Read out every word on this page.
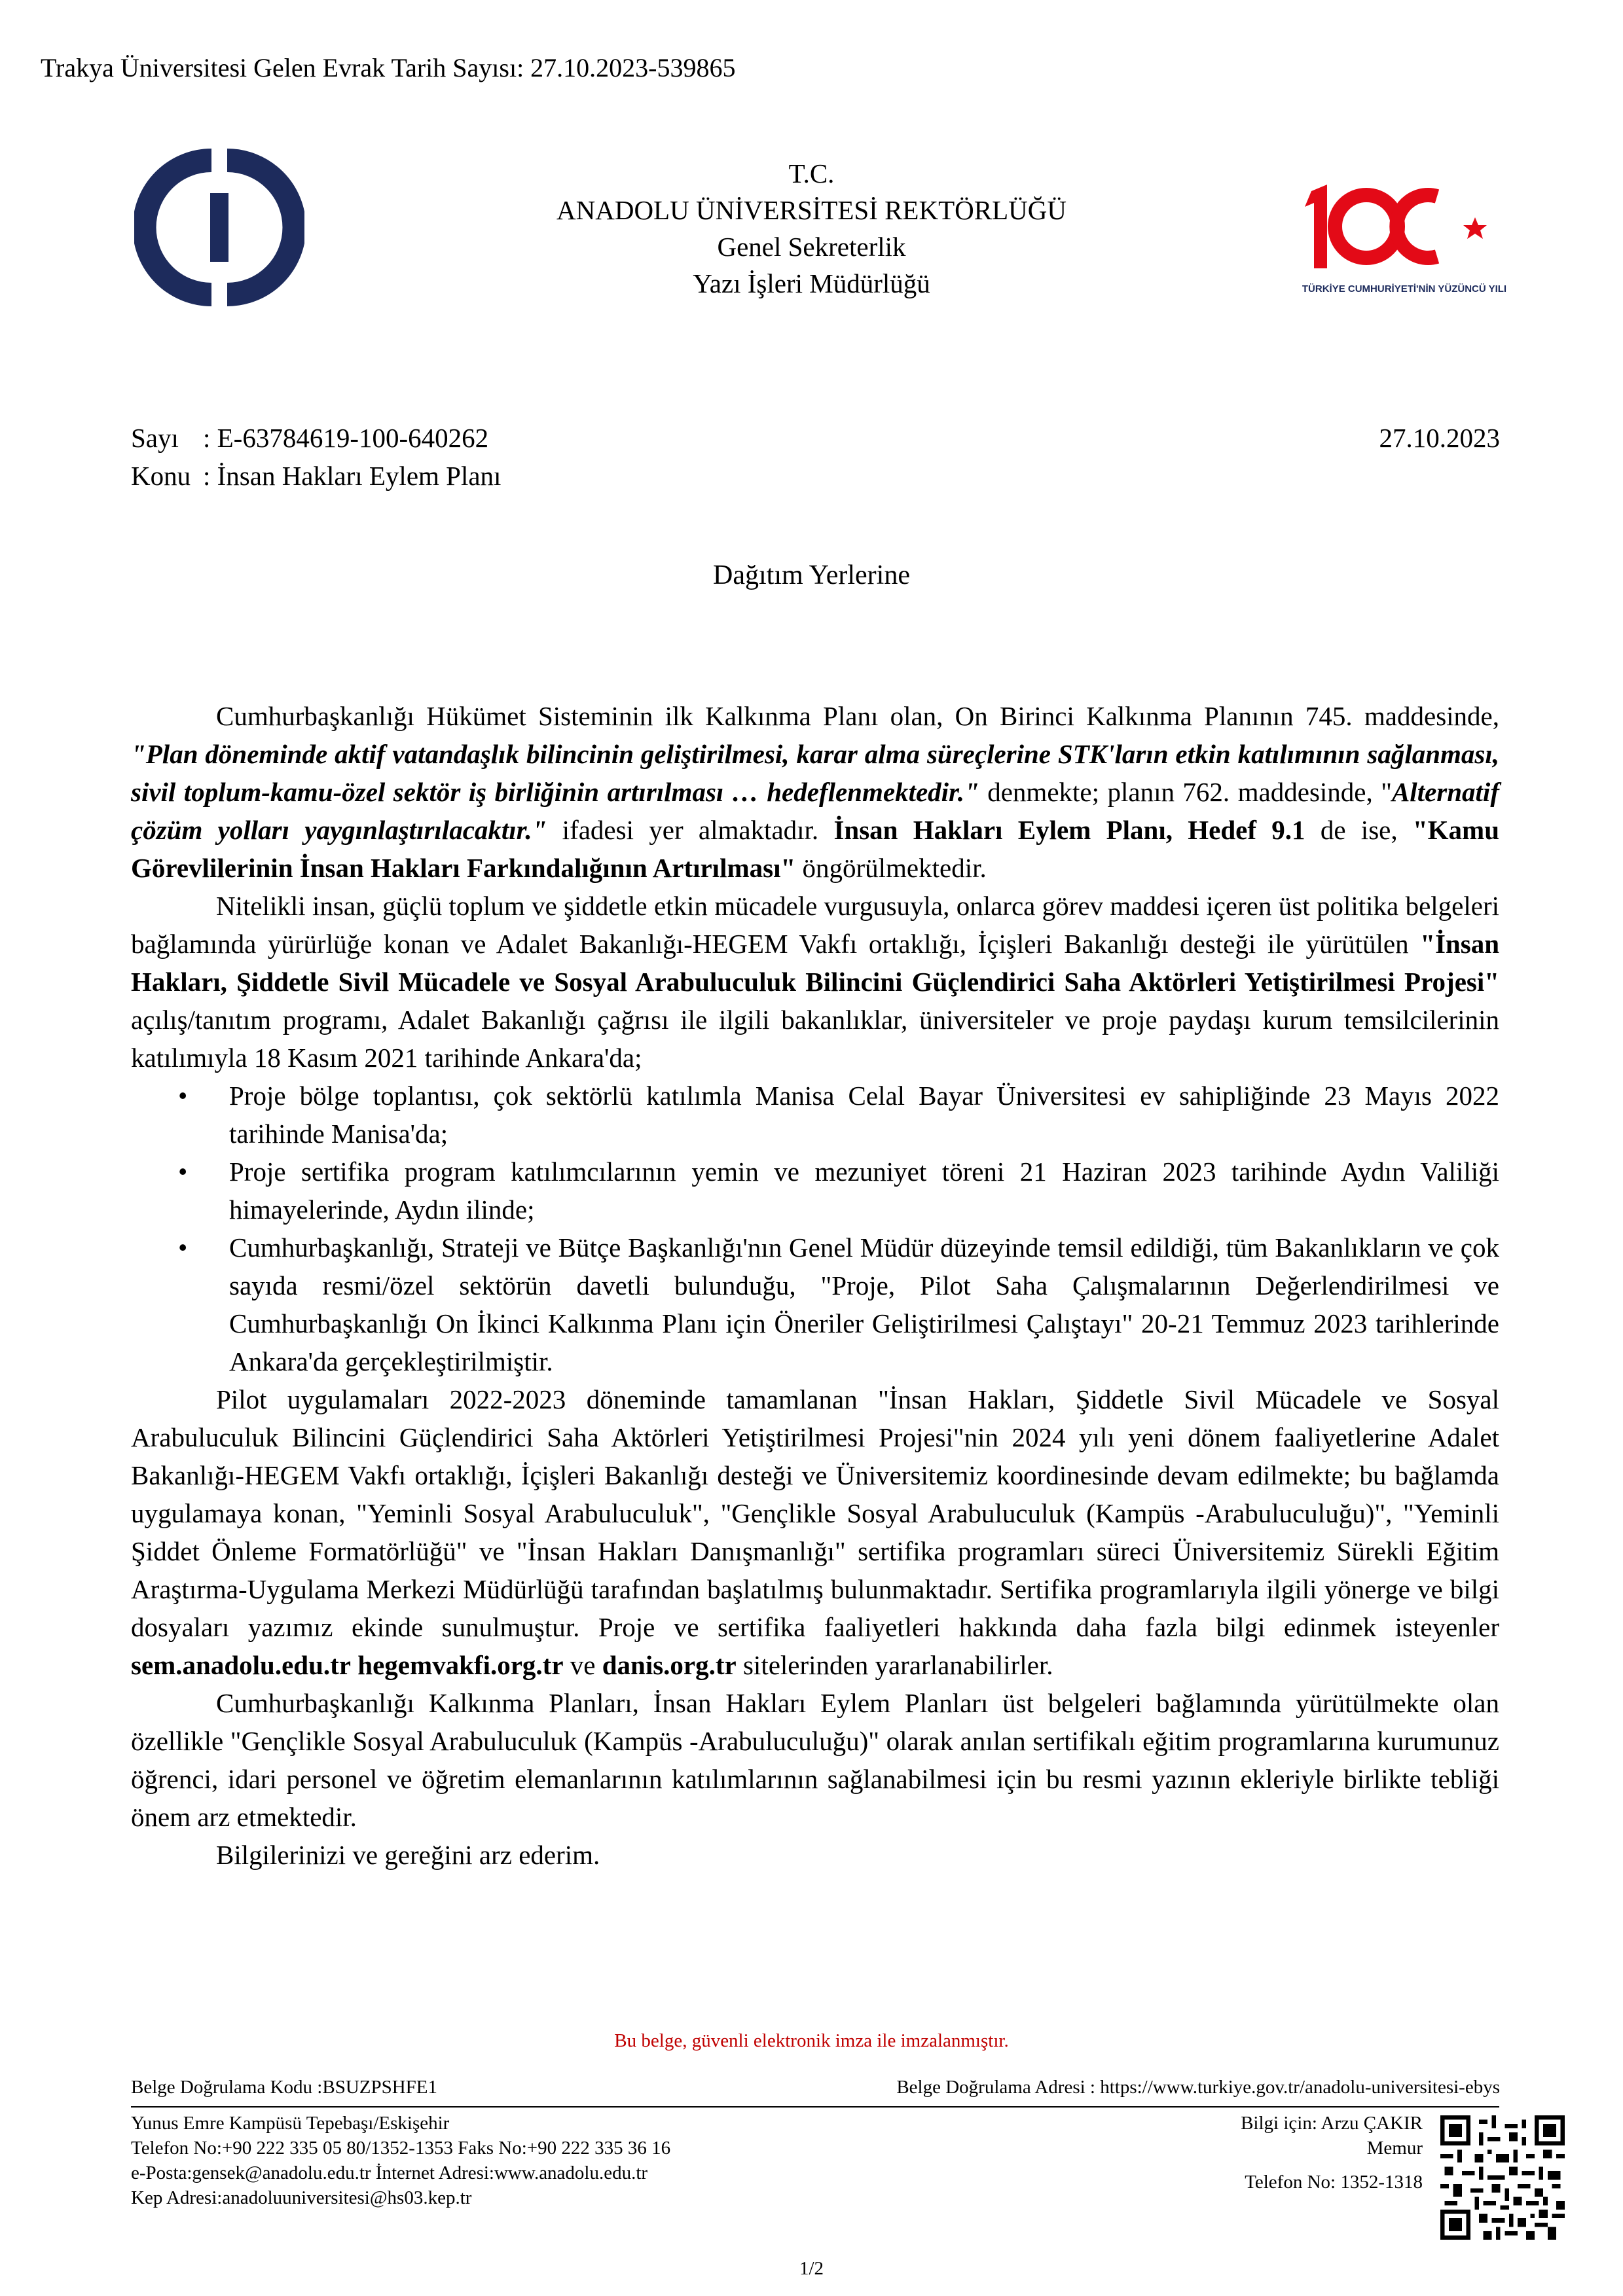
Trakya Üniversitesi Gelen Evrak Tarih Sayısı: 27.10.2023-539865
T.C.
ANADOLU ÜNİVERSİTESİ REKTÖRLÜĞÜ
Genel Sekreterlik
Yazı İşleri Müdürlüğü	TÜRKİYE CUMHURİYETİ'NİN YÜZÜNCÜ YILI
Sayı : E-63784619-100-640262	27.10.2023
Konu : İnsan Hakları Eylem Planı
Dağıtım Yerlerine

Cumhurbaşkanlığı Hükümet Sisteminin ilk Kalkınma Planı olan, On Birinci Kalkınma Planının 745. maddesinde, "Plan döneminde aktif vatandaşlık bilincinin geliştirilmesi, karar alma süreçlerine STK'ların etkin katılımının sağlanması, sivil toplum-kamu-özel sektör iş birliğinin artırılması … hedeflenmektedir." denmekte; planın 762. maddesinde, "Alternatif çözüm yolları yaygınlaştırılacaktır." ifadesi yer almaktadır. İnsan Hakları Eylem Planı, Hedef 9.1 de ise, "Kamu Görevlilerinin İnsan Hakları Farkındalığının Artırılması" öngörülmektedir.

Nitelikli insan, güçlü toplum ve şiddetle etkin mücadele vurgusuyla, onlarca görev maddesi içeren üst politika belgeleri bağlamında yürürlüğe konan ve Adalet Bakanlığı-HEGEM Vakfı ortaklığı, İçişleri Bakanlığı desteği ile yürütülen "İnsan Hakları, Şiddetle Sivil Mücadele ve Sosyal Arabuluculuk Bilincini Güçlendirici Saha Aktörleri Yetiştirilmesi Projesi" açılış/tanıtım programı, Adalet Bakanlığı çağrısı ile ilgili bakanlıklar, üniversiteler ve proje paydaşı kurum temsilcilerinin katılımıyla 18 Kasım 2021 tarihinde Ankara'da;

• Proje bölge toplantısı, çok sektörlü katılımla Manisa Celal Bayar Üniversitesi ev sahipliğinde 23 Mayıs 2022 tarihinde Manisa'da;
• Proje sertifika program katılımcılarının yemin ve mezuniyet töreni 21 Haziran 2023 tarihinde Aydın Valiliği himayelerinde, Aydın ilinde;
• Cumhurbaşkanlığı, Strateji ve Bütçe Başkanlığı'nın Genel Müdür düzeyinde temsil edildiği, tüm Bakanlıkların ve çok sayıda resmi/özel sektörün davetli bulunduğu, "Proje, Pilot Saha Çalışmalarının Değerlendirilmesi ve Cumhurbaşkanlığı On İkinci Kalkınma Planı için Öneriler Geliştirilmesi Çalıştayı" 20-21 Temmuz 2023 tarihlerinde Ankara'da gerçekleştirilmiştir.

Pilot uygulamaları 2022-2023 döneminde tamamlanan "İnsan Hakları, Şiddetle Sivil Mücadele ve Sosyal Arabuluculuk Bilincini Güçlendirici Saha Aktörleri Yetiştirilmesi Projesi"nin 2024 yılı yeni dönem faaliyetlerine Adalet Bakanlığı-HEGEM Vakfı ortaklığı, İçişleri Bakanlığı desteği ve Üniversitemiz koordinesinde devam edilmekte; bu bağlamda uygulamaya konan, "Yeminli Sosyal Arabuluculuk", "Gençlikle Sosyal Arabuluculuk (Kampüs -Arabuluculuğu)", "Yeminli Şiddet Önleme Formatörlüğü" ve "İnsan Hakları Danışmanlığı" sertifika programları süreci Üniversitemiz Sürekli Eğitim Araştırma-Uygulama Merkezi Müdürlüğü tarafından başlatılmış bulunmaktadır. Sertifika programlarıyla ilgili yönerge ve bilgi dosyaları yazımız ekinde sunulmuştur. Proje ve sertifika faaliyetleri hakkında daha fazla bilgi edinmek isteyenler sem.anadolu.edu.tr hegemvakfi.org.tr ve danis.org.tr sitelerinden yararlanabilirler.

Cumhurbaşkanlığı Kalkınma Planları, İnsan Hakları Eylem Planları üst belgeleri bağlamında yürütülmekte olan özellikle "Gençlikle Sosyal Arabuluculuk (Kampüs -Arabuluculuğu)" olarak anılan sertifikalı eğitim programlarına kurumunuz öğrenci, idari personel ve öğretim elemanlarının katılımlarının sağlanabilmesi için bu resmi yazının ekleriyle birlikte tebliği önem arz etmektedir.

Bilgilerinizi ve gereğini arz ederim.

Bu belge, güvenli elektronik imza ile imzalanmıştır.
Belge Doğrulama Kodu :BSUZPSHFE1	Belge Doğrulama Adresi : https://www.turkiye.gov.tr/anadolu-universitesi-ebys
Yunus Emre Kampüsü Tepebaşı/Eskişehir
Telefon No:+90 222 335 05 80/1352-1353 Faks No:+90 222 335 36 16
e-Posta:gensek@anadolu.edu.tr İnternet Adresi:www.anadolu.edu.tr
Kep Adresi:anadoluuniversitesi@hs03.kep.tr
Bilgi için: Arzu ÇAKIR
Memur
Telefon No: 1352-1318
1/2
